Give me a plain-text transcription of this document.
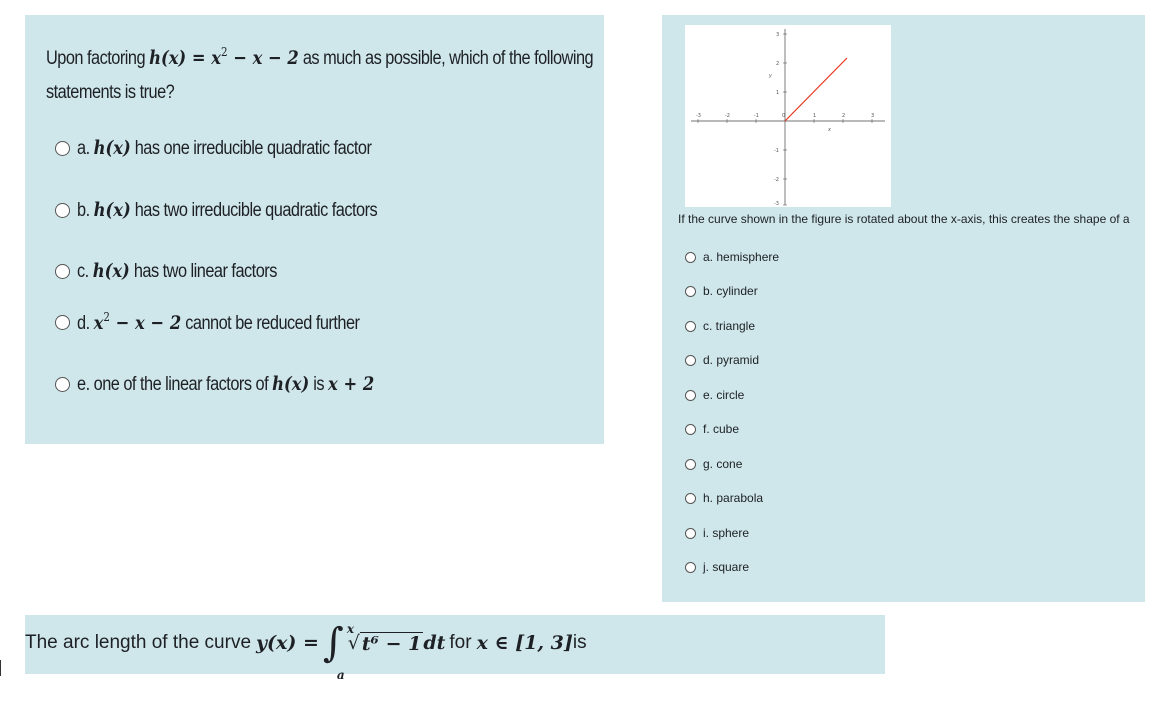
Upon factoring $h(x) = x^2 - x - 2$ as much as possible, which of the following
statements is true?
a. h(x) has one irreducible quadratic factor
b. h(x) has two irreducible quadratic factors
c. h(x) has two linear factors
d. $x^2 - x - 2$ cannot be reduced further
e. one of the linear factors of h(x) is x + 2
-3	-2	-1	0	1	2	3
3
2
1
-1
-2
-3
x
y
If the curve shown in the figure is rotated about the x-axis, this creates the shape of a
a. hemisphere
b. cylinder
c. triangle
d. pyramid
e. circle
f. cube
g. cone
h. parabola
i. sphere
j. square
The arc length of the curve y(x) = ∫ x
a
√ t⁶ − 1 dt for x ∈ [1, 3] is
